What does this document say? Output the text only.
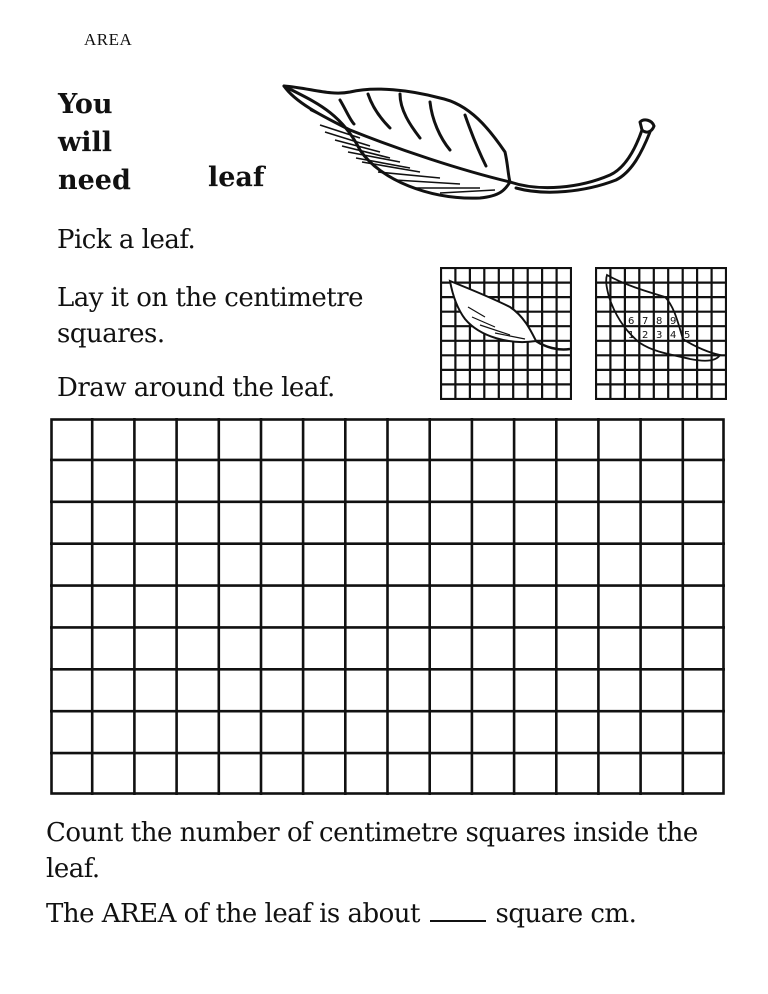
AREA
You
will
need	leaf
Pick a leaf.
Lay it on the centimetre squares.
Draw around the leaf.
6 7 8 9
1 2 3 4 5
Count the number of centimetre squares inside the leaf.
The AREA of the leaf is about	square cm.
